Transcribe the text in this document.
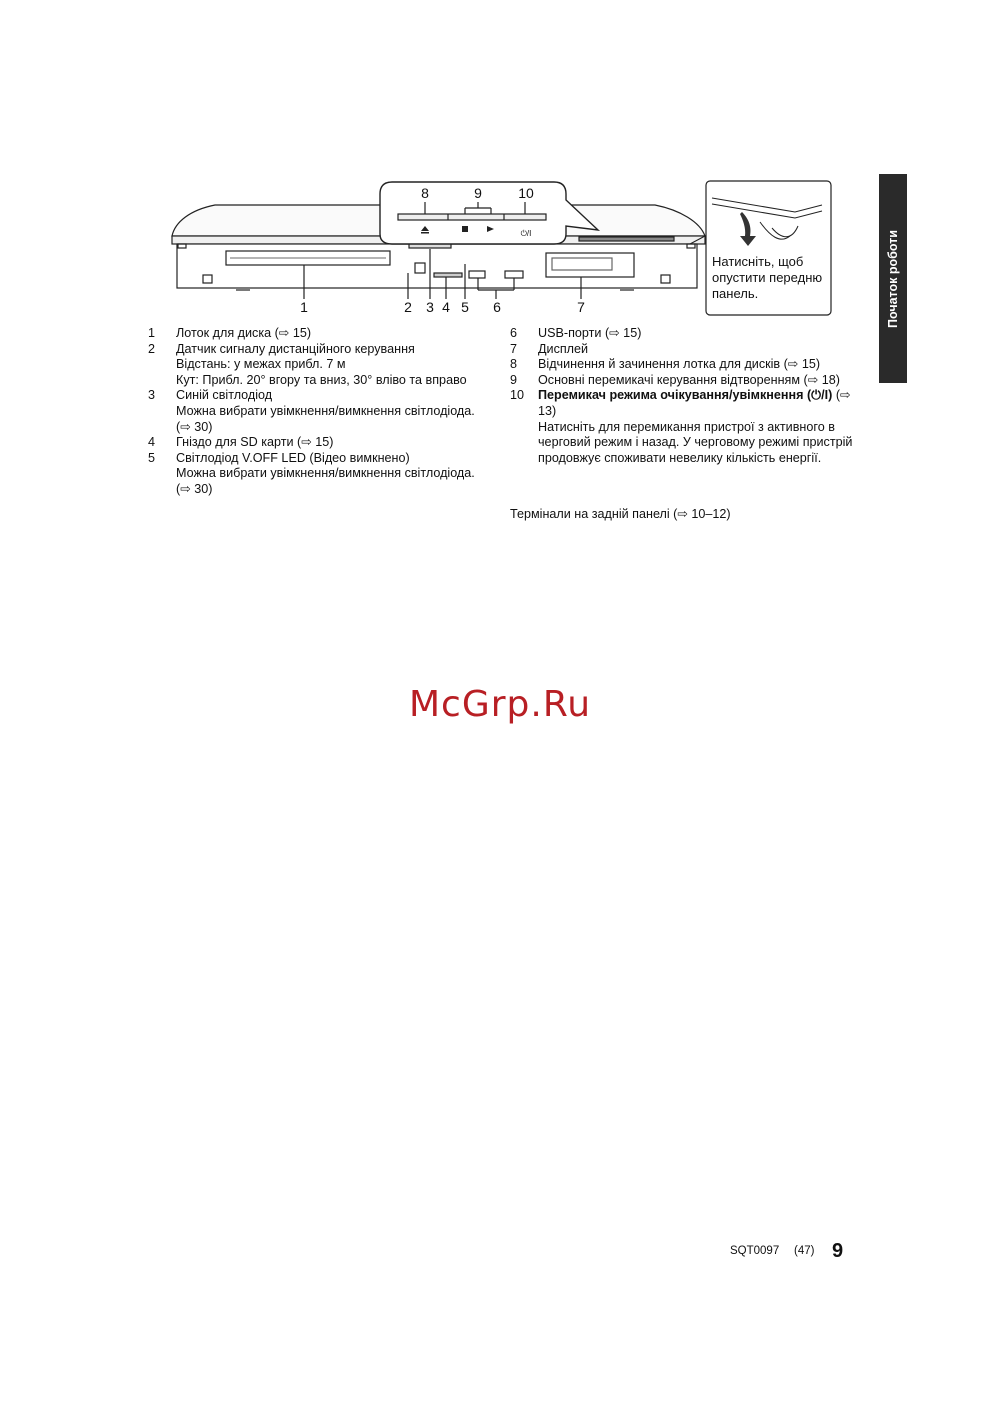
Початок роботи
8	9	10
⏻/I
1	2 3 4 5 6	7
Натисніть, щоб опустити передню панель.
1	Лоток для диска (⇨ 15)
2	Датчик сигналу дистанційного керування
Відстань: у межах прибл. 7 м
Кут: Прибл. 20° вгору та вниз, 30° вліво та вправо
3	Синій світлодіод
Можна вибрати увімкнення/вимкнення світлодіода. (⇨ 30)
4	Гніздо для SD карти (⇨ 15)
5	Світлодіод V.OFF LED (Відео вимкнено)
Можна вибрати увімкнення/вимкнення світлодіода. (⇨ 30)
6	USB-порти (⇨ 15)
7	Дисплей
8	Відчинення й зачинення лотка для дисків (⇨ 15)
9	Основні перемикачі керування відтворенням (⇨ 18)
10	Перемикач режима очікування/увімкнення (⏻/I) (⇨ 13)
Натисніть для перемикання пристрої з активного в черговий режим і назад. У черговому режимі пристрій продовжує споживати невелику кількість енергії.
Термінали на задній панелі (⇨ 10–12)
McGrp.Ru
SQT0097 (47) 9
